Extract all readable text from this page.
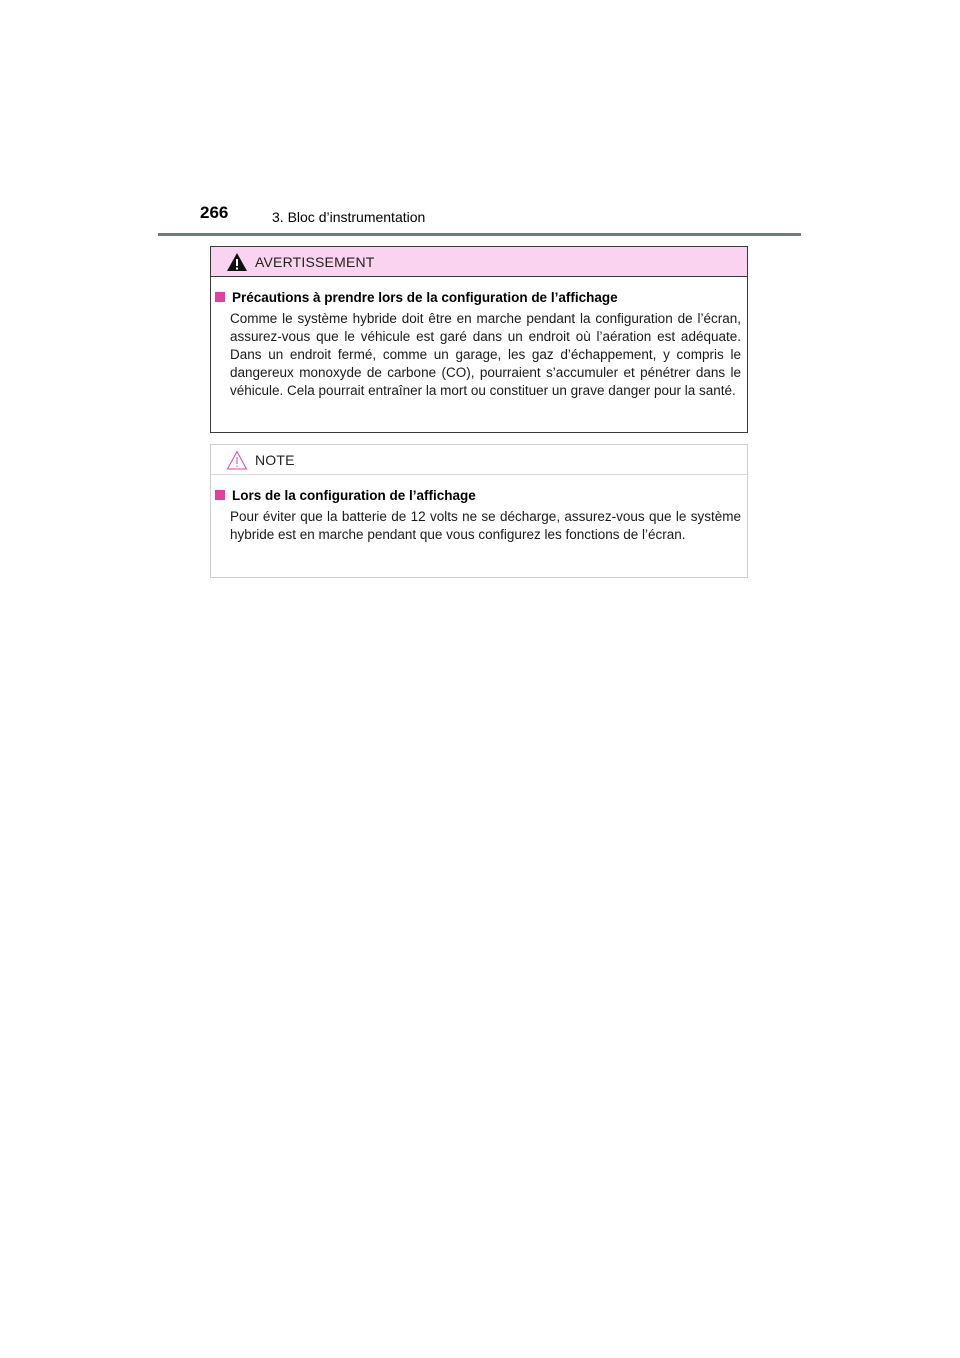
266	3. Bloc d’instrumentation
AVERTISSEMENT
Précautions à prendre lors de la configuration de l’affichage
Comme le système hybride doit être en marche pendant la configuration de l’écran, assurez-vous que le véhicule est garé dans un endroit où l’aération est adéquate. Dans un endroit fermé, comme un garage, les gaz d’échappement, y compris le dangereux monoxyde de carbone (CO), pourraient s’accumuler et pénétrer dans le véhicule. Cela pourrait entraîner la mort ou constituer un grave danger pour la santé.
NOTE
Lors de la configuration de l’affichage
Pour éviter que la batterie de 12 volts ne se décharge, assurez-vous que le système hybride est en marche pendant que vous configurez les fonctions de l’écran.
